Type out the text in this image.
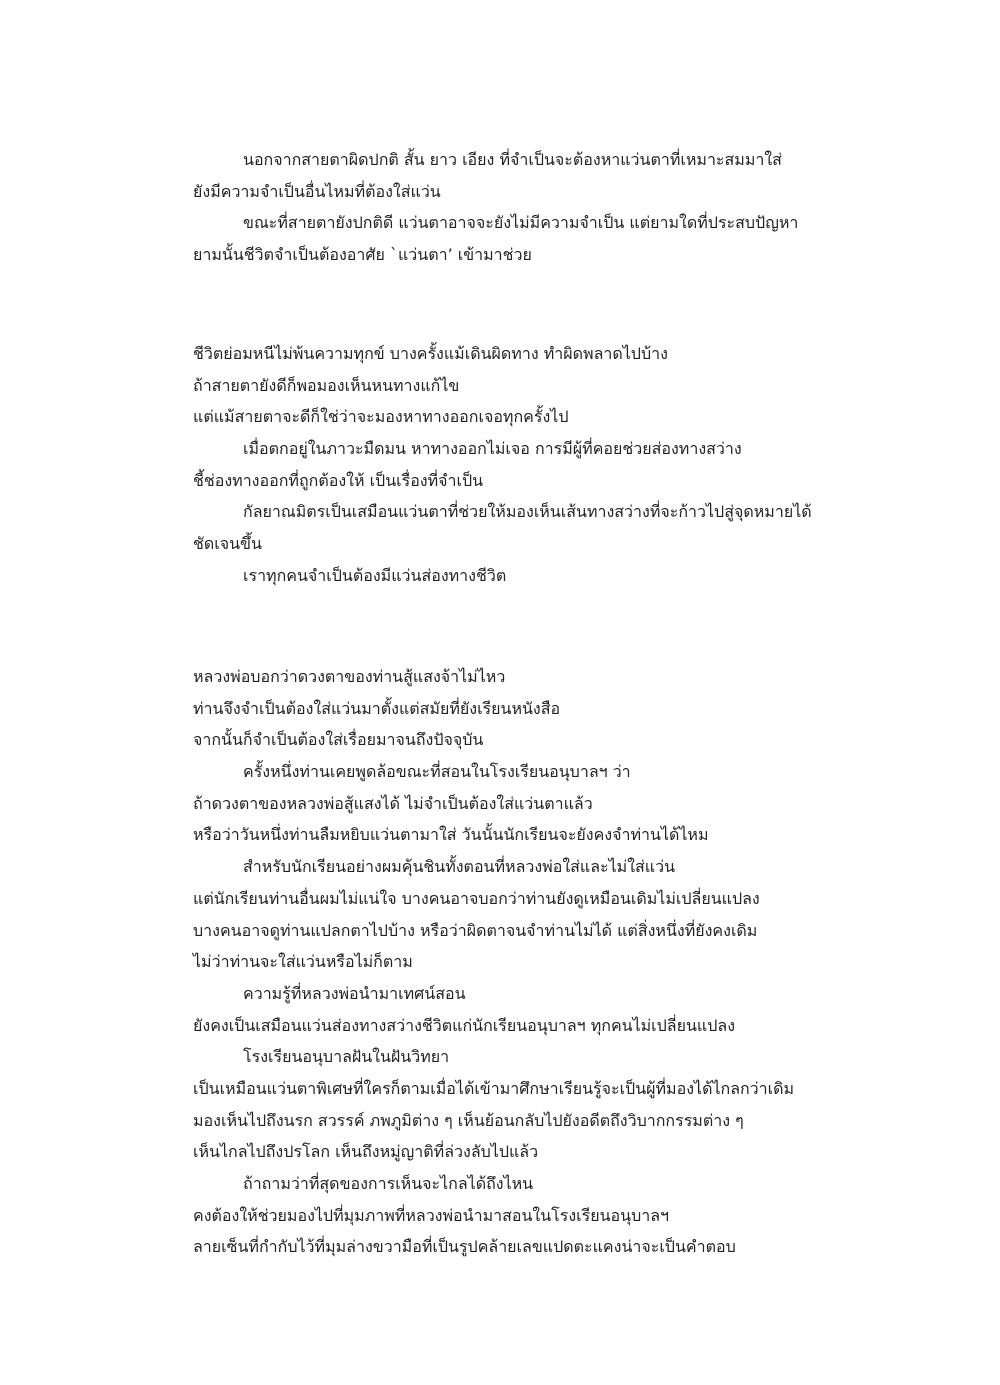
นอกจากสายตาผิดปกติ สั้น ยาว เอียง ที่จำเป็นจะต้องหาแว่นตาที่เหมาะสมมาใส่
ยังมีความจำเป็นอื่นไหมที่ต้องใส่แว่น
ขณะที่สายตายังปกติดี แว่นตาอาจจะยังไม่มีความจำเป็น แต่ยามใดที่ประสบปัญหา
ยามนั้นชีวิตจำเป็นต้องอาศัย `แว่นตา’ เข้ามาช่วย
ชีวิตย่อมหนีไม่พ้นความทุกข์ บางครั้งแม้เดินผิดทาง ทำผิดพลาดไปบ้าง
ถ้าสายตายังดีก็พอมองเห็นหนทางแก้ไข
แต่แม้สายตาจะดีก็ใช่ว่าจะมองหาทางออกเจอทุกครั้งไป
เมื่อตกอยู่ในภาวะมืดมน หาทางออกไม่เจอ การมีผู้ที่คอยช่วยส่องทางสว่าง
ชี้ช่องทางออกที่ถูกต้องให้ เป็นเรื่องที่จำเป็น
กัลยาณมิตรเป็นเสมือนแว่นตาที่ช่วยให้มองเห็นเส้นทางสว่างที่จะก้าวไปสู่จุดหมายได้
ชัดเจนขึ้น
เราทุกคนจำเป็นต้องมีแว่นส่องทางชีวิต
หลวงพ่อบอกว่าดวงตาของท่านสู้แสงจ้าไม่ไหว
ท่านจึงจำเป็นต้องใส่แว่นมาตั้งแต่สมัยที่ยังเรียนหนังสือ
จากนั้นก็จำเป็นต้องใส่เรื่อยมาจนถึงปัจจุบัน
ครั้งหนึ่งท่านเคยพูดล้อขณะที่สอนในโรงเรียนอนุบาลฯ ว่า
ถ้าดวงตาของหลวงพ่อสู้แสงได้ ไม่จำเป็นต้องใส่แว่นตาแล้ว
หรือว่าวันหนึ่งท่านลืมหยิบแว่นตามาใส่ วันนั้นนักเรียนจะยังคงจำท่านได้ไหม
สำหรับนักเรียนอย่างผมคุ้นชินทั้งตอนที่หลวงพ่อใส่และไม่ใส่แว่น
แต่นักเรียนท่านอื่นผมไม่แน่ใจ บางคนอาจบอกว่าท่านยังดูเหมือนเดิมไม่เปลี่ยนแปลง
บางคนอาจดูท่านแปลกตาไปบ้าง หรือว่าผิดตาจนจำท่านไม่ได้ แต่สิ่งหนึ่งที่ยังคงเดิม
ไม่ว่าท่านจะใส่แว่นหรือไม่ก็ตาม
ความรู้ที่หลวงพ่อนำมาเทศน์สอน
ยังคงเป็นเสมือนแว่นส่องทางสว่างชีวิตแก่นักเรียนอนุบาลฯ ทุกคนไม่เปลี่ยนแปลง
โรงเรียนอนุบาลฝันในฝันวิทยา
เป็นเหมือนแว่นตาพิเศษที่ใครก็ตามเมื่อได้เข้ามาศึกษาเรียนรู้จะเป็นผู้ที่มองได้ไกลกว่าเดิม
มองเห็นไปถึงนรก สวรรค์ ภพภูมิต่าง ๆ เห็นย้อนกลับไปยังอดีตถึงวิบากกรรมต่าง ๆ
เห็นไกลไปถึงปรโลก เห็นถึงหมู่ญาติที่ล่วงลับไปแล้ว
ถ้าถามว่าที่สุดของการเห็นจะไกลได้ถึงไหน
คงต้องให้ช่วยมองไปที่มุมภาพที่หลวงพ่อนำมาสอนในโรงเรียนอนุบาลฯ
ลายเซ็นที่กำกับไว้ที่มุมล่างขวามือที่เป็นรูปคล้ายเลขแปดตะแคงน่าจะเป็นคำตอบ
